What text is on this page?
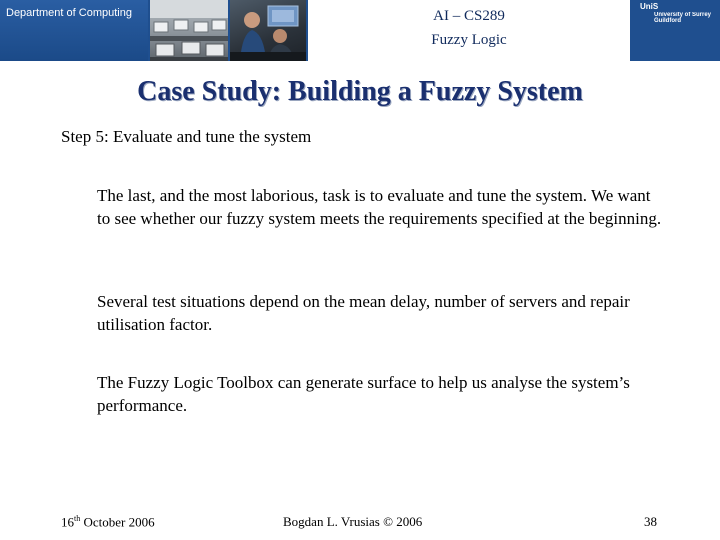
Department of Computing	AI – CS289
Fuzzy Logic
UniS
University of Surrey Guildford
Case Study: Building a Fuzzy System
Step 5: Evaluate and tune the system
The last, and the most laborious, task is to evaluate and tune the system. We want to see whether our fuzzy system meets the requirements specified at the beginning.
Several test situations depend on the mean delay, number of servers and repair utilisation factor.
The Fuzzy Logic Toolbox can generate surface to help us analyse the system’s performance.
16th October 2006	Bogdan L. Vrusias © 2006	38
